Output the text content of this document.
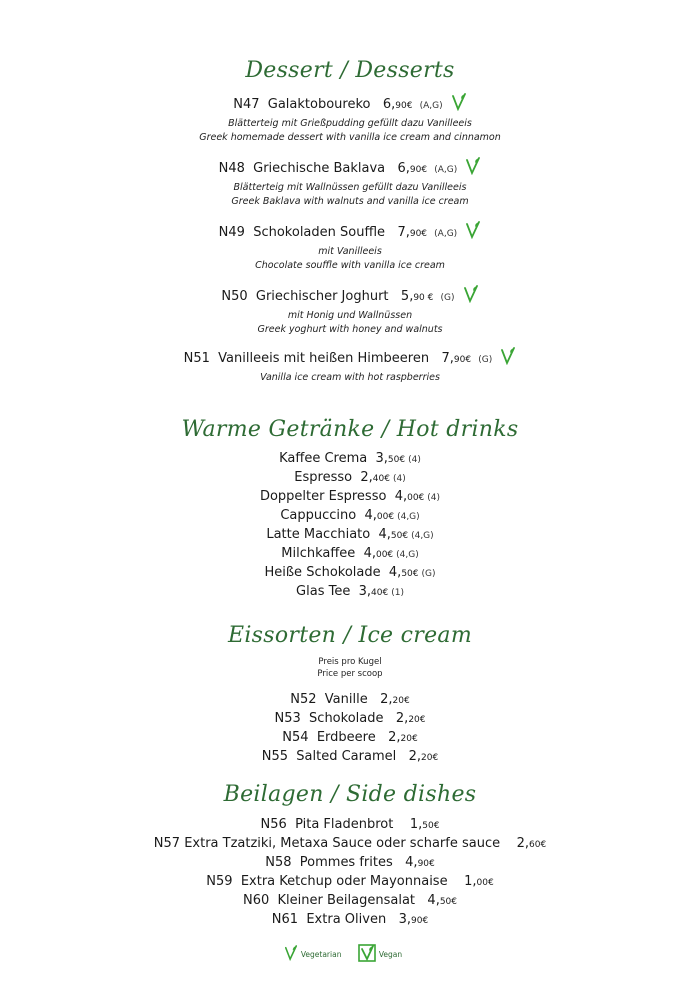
Dessert / Desserts
N47 Galaktoboureko 6,90€ (A,G)
Blätterteig mit Grießpudding gefüllt dazu Vanilleeis
Greek homemade dessert with vanilla ice cream and cinnamon
N48 Griechische Baklava 6,90€ (A,G)
Blätterteig mit Wallnüssen gefüllt dazu Vanilleeis
Greek Baklava with walnuts and vanilla ice cream
N49 Schokoladen Souffle 7,90€ (A,G)
mit Vanilleeis
Chocolate souffle with vanilla ice cream
N50 Griechischer Joghurt 5,90 € (G)
mit Honig und Wallnüssen
Greek yoghurt with honey and walnuts
N51 Vanilleeis mit heißen Himbeeren 7,90€ (G)
Vanilla ice cream with hot raspberries
Warme Getränke / Hot drinks
Kaffee Crema 3,50€ (4)
Espresso 2,40€ (4)
Doppelter Espresso 4,00€ (4)
Cappuccino 4,00€ (4,G)
Latte Macchiato 4,50€ (4,G)
Milchkaffee 4,00€ (4,G)
Heiße Schokolade 4,50€ (G)
Glas Tee 3,40€ (1)
Eissorten / Ice cream
Preis pro Kugel
Price per scoop
N52 Vanille 2,20€
N53 Schokolade 2,20€
N54 Erdbeere 2,20€
N55 Salted Caramel 2,20€
Beilagen / Side dishes
N56 Pita Fladenbrot 1,50€
N57 Extra Tzatziki, Metaxa Sauce oder scharfe sauce 2,60€
N58 Pommes frites 4,90€
N59 Extra Ketchup oder Mayonnaise 1,00€
N60 Kleiner Beilagensalat 4,50€
N61 Extra Oliven 3,90€
Vegetarian	Vegan
